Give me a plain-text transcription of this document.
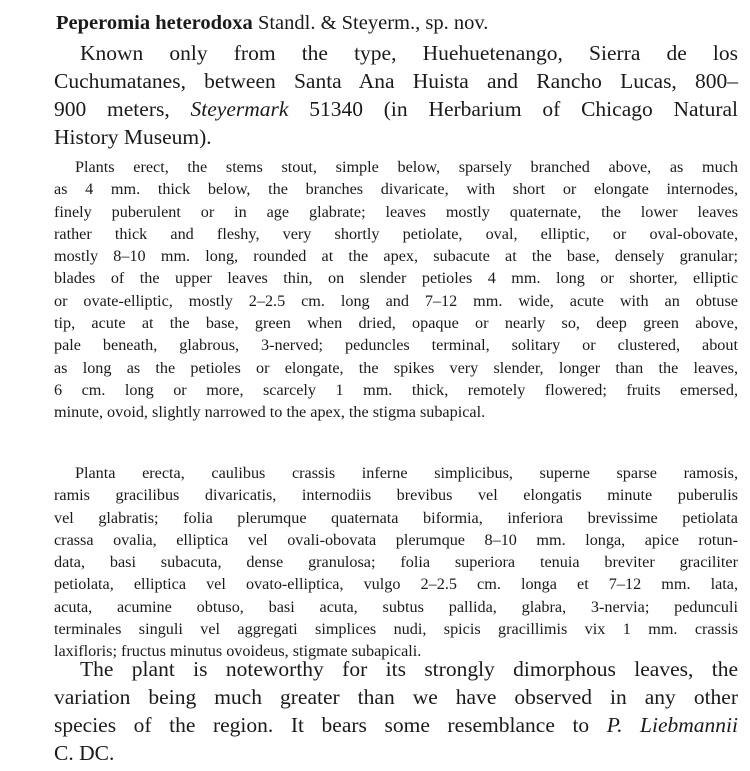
Peperomia heterodoxa Standl. & Steyerm., sp. nov.
Known only from the type, Huehuetenango, Sierra de los
Cuchumatanes, between Santa Ana Huista and Rancho Lucas, 800–
900 meters, Steyermark 51340 (in Herbarium of Chicago Natural
History Museum).
Plants erect, the stems stout, simple below, sparsely branched above, as much
as 4 mm. thick below, the branches divaricate, with short or elongate internodes,
finely puberulent or in age glabrate; leaves mostly quaternate, the lower leaves
rather thick and fleshy, very shortly petiolate, oval, elliptic, or oval-obovate,
mostly 8–10 mm. long, rounded at the apex, subacute at the base, densely granular;
blades of the upper leaves thin, on slender petioles 4 mm. long or shorter, elliptic
or ovate-elliptic, mostly 2–2.5 cm. long and 7–12 mm. wide, acute with an obtuse
tip, acute at the base, green when dried, opaque or nearly so, deep green above,
pale beneath, glabrous, 3-nerved; peduncles terminal, solitary or clustered, about
as long as the petioles or elongate, the spikes very slender, longer than the leaves,
6 cm. long or more, scarcely 1 mm. thick, remotely flowered; fruits emersed,
minute, ovoid, slightly narrowed to the apex, the stigma subapical.
Planta erecta, caulibus crassis inferne simplicibus, superne sparse ramosis,
ramis gracilibus divaricatis, internodiis brevibus vel elongatis minute puberulis
vel glabratis; folia plerumque quaternata biformia, inferiora brevissime petiolata
crassa ovalia, elliptica vel ovali-obovata plerumque 8–10 mm. longa, apice rotun-
data, basi subacuta, dense granulosa; folia superiora tenuia breviter graciliter
petiolata, elliptica vel ovato-elliptica, vulgo 2–2.5 cm. longa et 7–12 mm. lata,
acuta, acumine obtuso, basi acuta, subtus pallida, glabra, 3-nervia; pedunculi
terminales singuli vel aggregati simplices nudi, spicis gracillimis vix 1 mm. crassis
laxifloris; fructus minutus ovoideus, stigmate subapicali.
The plant is noteworthy for its strongly dimorphous leaves, the
variation being much greater than we have observed in any other
species of the region. It bears some resemblance to P. Liebmannii
C. DC.
